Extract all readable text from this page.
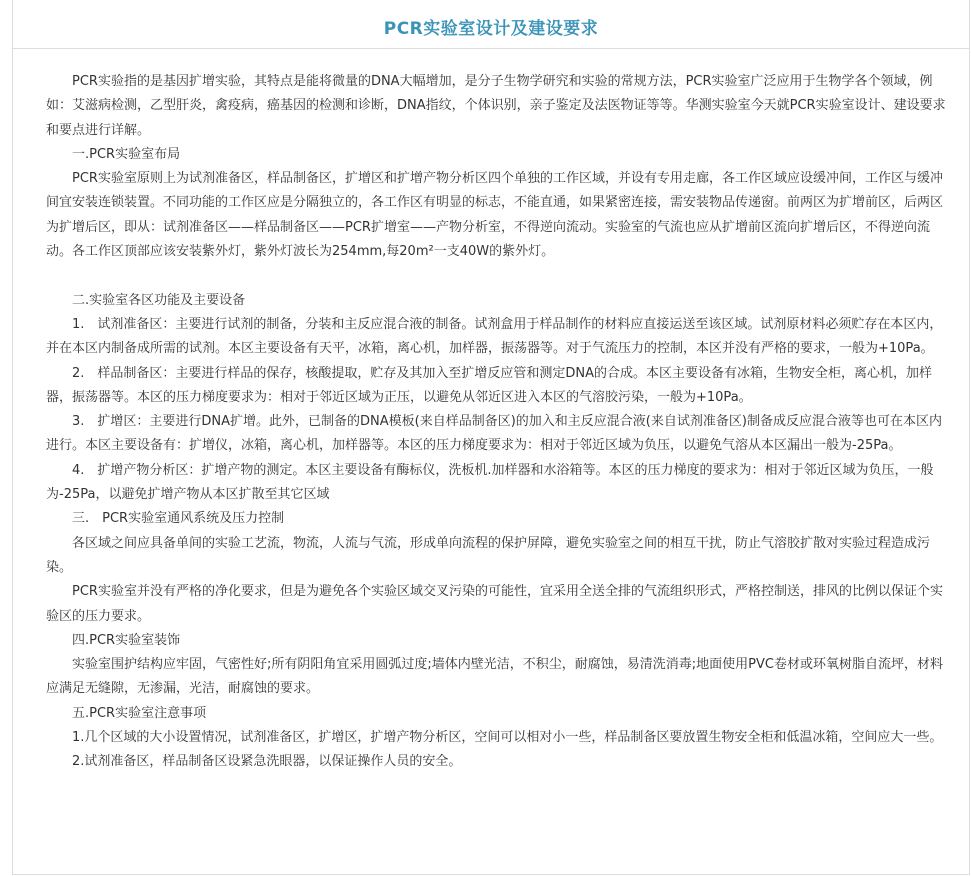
PCR实验室设计及建设要求

PCR实验指的是基因扩增实验，其特点是能将微量的DNA大幅增加，是分子生物学研究和实验的常规方法，PCR实验室广泛应用于生物学各个领域，例如：艾滋病检测，乙型肝炎，禽疫病，癌基因的检测和诊断，DNA指纹，个体识别，亲子鉴定及法医物证等等。华测实验室今天就PCR实验室设计、建设要求和要点进行详解。

一.PCR实验室布局

PCR实验室原则上为试剂准备区，样品制备区，扩增区和扩增产物分析区四个单独的工作区域，并设有专用走廊，各工作区域应设缓冲间，工作区与缓冲间宜安装连锁装置。不同功能的工作区应是分隔独立的，各工作区有明显的标志，不能直通，如果紧密连接，需安装物品传递窗。前两区为扩增前区，后两区为扩增后区，即从：试剂准备区——样品制备区——PCR扩增室——产物分析室，不得逆向流动。实验室的气流也应从扩增前区流向扩增后区，不得逆向流动。各工作区顶部应该安装紫外灯，紫外灯波长为254mm,每20m²一支40W的紫外灯。

二.实验室各区功能及主要设备

1.　试剂准备区：主要进行试剂的制备，分装和主反应混合液的制备。试剂盒用于样品制作的材料应直接运送至该区域。试剂原材料必须贮存在本区内，并在本区内制备成所需的试剂。本区主要设备有天平，冰箱，离心机，加样器，振荡器等。对于气流压力的控制，本区并没有严格的要求，一般为+10Pa。

2.　样品制备区：主要进行样品的保存，核酸提取，贮存及其加入至扩增反应管和测定DNA的合成。本区主要设备有冰箱，生物安全柜，离心机，加样器，振荡器等。本区的压力梯度要求为：相对于邻近区域为正压，以避免从邻近区进入本区的气溶胶污染，一般为+10Pa。

3.　扩增区：主要进行DNA扩增。此外，已制备的DNA模板(来自样品制备区)的加入和主反应混合液(来自试剂准备区)制备成反应混合液等也可在本区内进行。本区主要设备有：扩增仪，冰箱，离心机，加样器等。本区的压力梯度要求为：相对于邻近区域为负压，以避免气溶从本区漏出一般为-25Pa。

4.　扩增产物分析区：扩增产物的测定。本区主要设备有酶标仪，洗板机.加样器和水浴箱等。本区的压力梯度的要求为：相对于邻近区域为负压，一般为-25Pa，以避免扩增产物从本区扩散至其它区域

三.　PCR实验室通风系统及压力控制

各区域之间应具备单间的实验工艺流，物流，人流与气流，形成单向流程的保护屏障，避免实验室之间的相互干扰，防止气溶胶扩散对实验过程造成污染。

PCR实验室并没有严格的净化要求，但是为避免各个实验区域交叉污染的可能性，宜采用全送全排的气流组织形式，严格控制送，排风的比例以保证个实验区的压力要求。

四.PCR实验室装饰

实验室围护结构应牢固，气密性好;所有阴阳角宜采用圆弧过度;墙体内壁光洁，不积尘，耐腐蚀，易清洗消毒;地面使用PVC卷材或环氧树脂自流坪，材料应满足无缝隙，无渗漏，光洁，耐腐蚀的要求。

五.PCR实验室注意事项

1.几个区域的大小设置情况，试剂准备区，扩增区，扩增产物分析区，空间可以相对小一些，样品制备区要放置生物安全柜和低温冰箱，空间应大一些。

2.试剂准备区，样品制备区设紧急洗眼器，以保证操作人员的安全。
